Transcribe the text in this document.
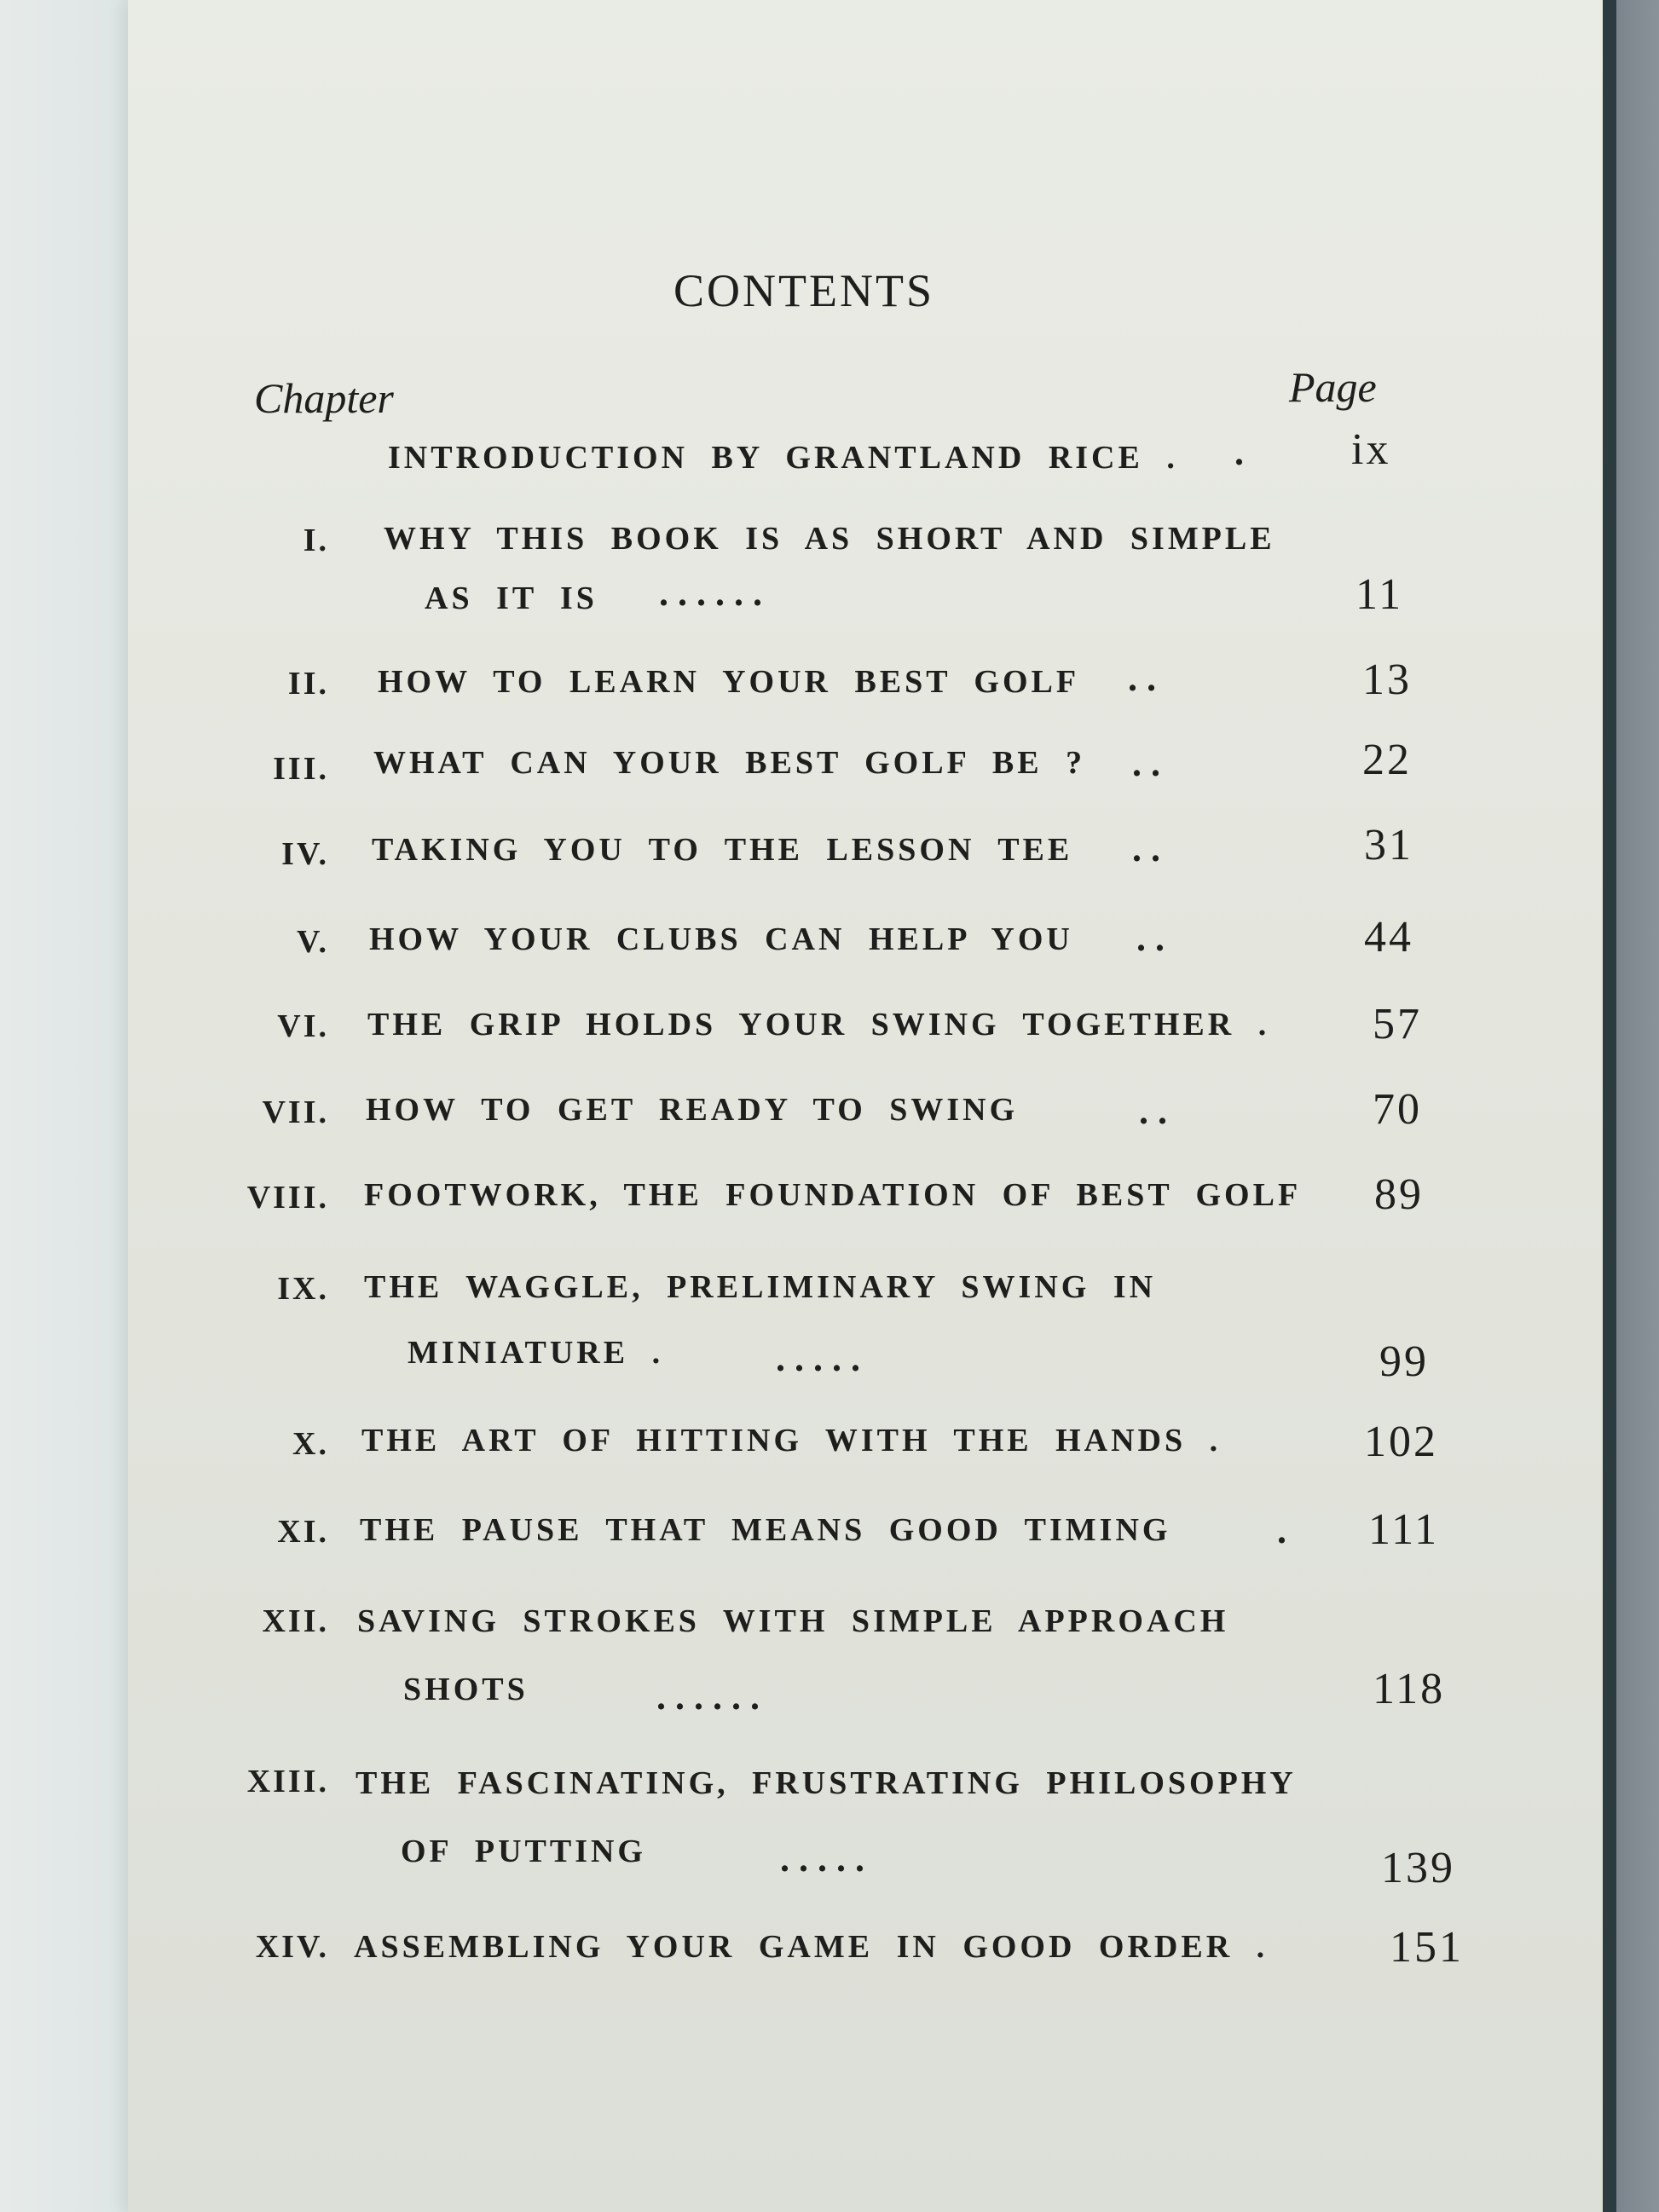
CONTENTS
Chapter	Page
INTRODUCTION BY GRANTLAND RICE . . ix
I. WHY THIS BOOK IS AS SHORT AND SIMPLE
AS IT IS . . . . . .	11
II. HOW TO LEARN YOUR BEST GOLF . .	13
III. WHAT CAN YOUR BEST GOLF BE ? . .	22
IV. TAKING YOU TO THE LESSON TEE . .	31
V. HOW YOUR CLUBS CAN HELP YOU . .	44
VI. THE GRIP HOLDS YOUR SWING TOGETHER . 57
VII. HOW TO GET READY TO SWING	. .	70
VIII. FOOTWORK, THE FOUNDATION OF BEST GOLF 89
IX. THE WAGGLE, PRELIMINARY SWING IN
MINIATURE .	. . . . .	99
X. THE ART OF HITTING WITH THE HANDS .	102
XI. THE PAUSE THAT MEANS GOOD TIMING	. 111
XII. SAVING STROKES WITH SIMPLE APPROACH
SHOTS	. . . . . .	118
XIII. THE FASCINATING, FRUSTRATING PHILOSOPHY
OF PUTTING	. . . . .	139
XIV. ASSEMBLING YOUR GAME IN GOOD ORDER .	151
